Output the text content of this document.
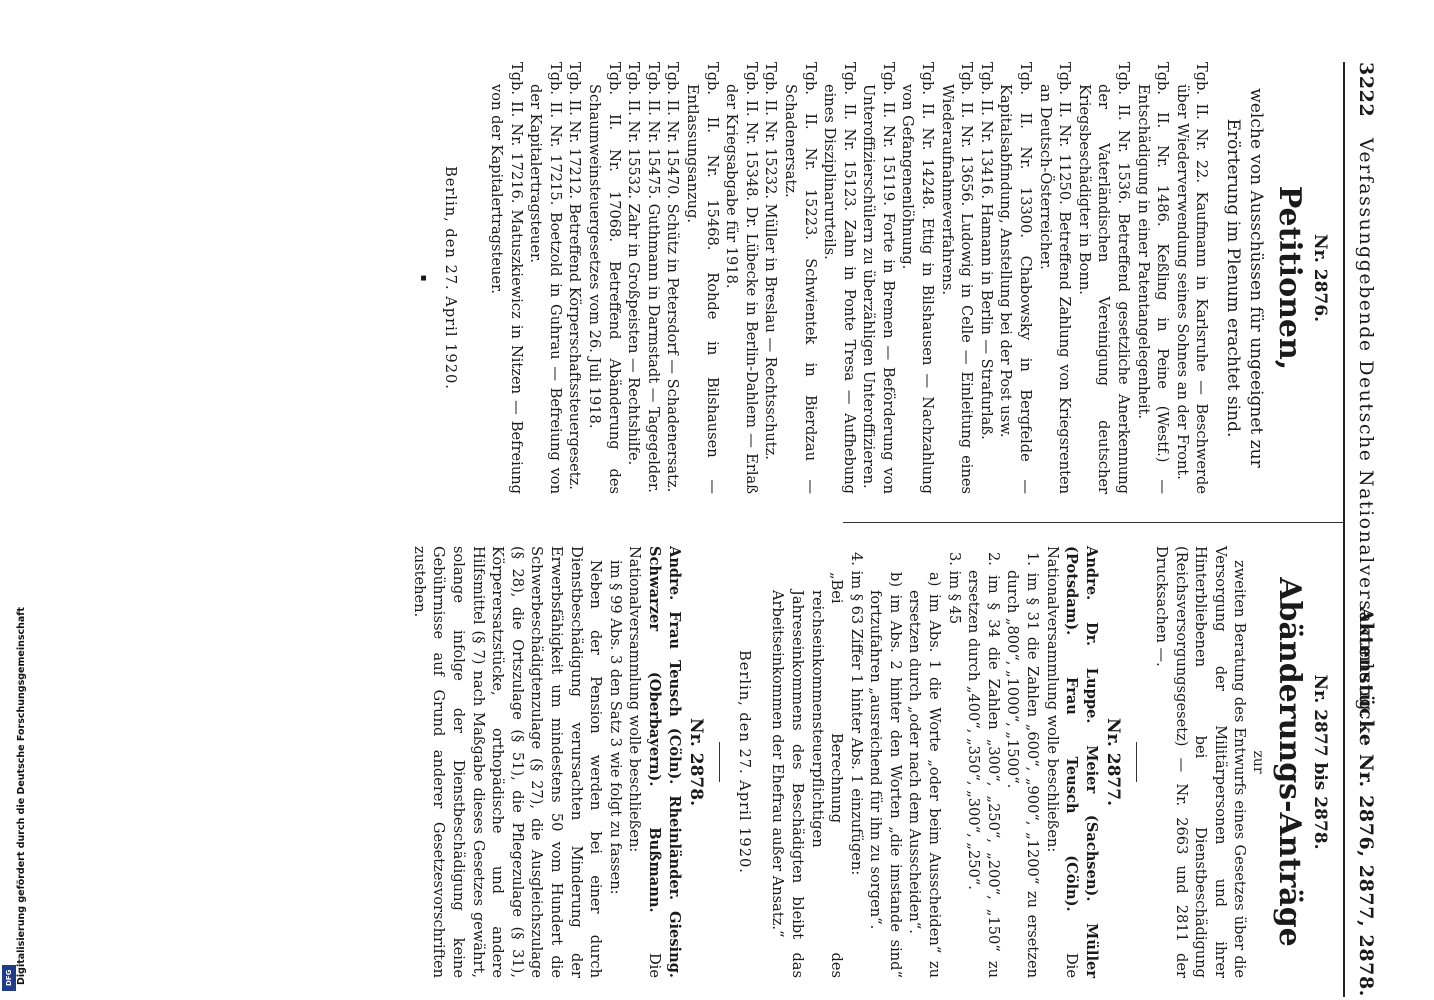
3222 Verfassunggebende Deutsche Nationalversammlung.
Aktenstücke Nr. 2876, 2877, 2878.
Nr. 2876.
Petitionen,
welche von Ausschüssen für ungeeignet zur Erörterung im Plenum erachtet sind.

Tgb. II. Nr. 22. Kaufmann in Karlsruhe — Beschwerde über Wiederverwendung seines Sohnes an der Front.

Tgb. II. Nr. 1486. Keßling in Peine (Westf.) — Entschädigung in einer Patentangelegenheit.

Tgb. II. Nr. 1536. Betreffend gesetzliche Anerkennung der Vaterländischen Vereinigung deutscher Kriegsbeschädigter in Bonn.

Tgb. II. Nr. 11250. Betreffend Zahlung von Kriegsrenten an Deutsch-Österreicher.

Tgb. II. Nr. 13300. Chabowsky in Bergfelde — Kapitalsabfindung, Anstellung bei der Post usw.

Tgb. II. Nr. 13416. Hamann in Berlin — Strafurlaß.

Tgb. II. Nr. 13656. Ludowig in Celle — Einleitung eines Wiederaufnahmeverfahrens.

Tgb. II. Nr. 14248. Ettig in Bilshausen — Nachzahlung von Gefangenenlöhnung.

Tgb. II. Nr. 15119. Forte in Bremen — Beförderung von Unteroffizierschülern zu überzähligen Unteroffizieren.

Tgb. II. Nr. 15123. Zahn in Ponte Tresa — Aufhebung eines Disziplinarurteils.

Tgb. II. Nr. 15223. Schwientek in Bierdzau — Schadenersatz.

Tgb. II. Nr. 15232. Müller in Breslau — Rechtsschutz.

Tgb. II. Nr. 15348. Dr. Lübecke in Berlin-Dahlem — Erlaß der Kriegsabgabe für 1918.

Tgb. II. Nr. 15468. Rohde in Bilshausen — Entlassungsanzug.

Tgb. II. Nr. 15470. Schütz in Petersdorf — Schadenersatz.

Tgb. II. Nr. 15475. Guthmann in Darmstadt — Tagegelder.

Tgb. II. Nr. 15532. Zahr in Großpeisten — Rechtshilfe.

Tgb. II. Nr. 17068. Betreffend Abänderung des Schaumweinsteuergesetzes vom 26. Juli 1918.

Tgb. II. Nr. 17212. Betreffend Körperschaftssteuergesetz.

Tgb. II. Nr. 17215. Boetzold in Guhrau — Befreiung von der Kapitalertragsteuer.

Tgb. II. Nr. 17216. Matuszkiewicz in Nitzen — Befreiung von der Kapitalertragsteuer.

Berlin, den 27. April 1920.
▪
Nr. 2877 bis 2878.
Abänderungs-Anträge
zur

zweiten Beratung des Entwurfs eines Gesetzes über die Versorgung der Militärpersonen und ihrer Hinterbliebenen bei Dienstbeschädigung (Reichsversorgungsgesetz) — Nr. 2663 und 2811 der Drucksachen —.

Nr. 2877.

Andre. Dr. Luppe. Meier (Sachsen). Müller (Potsdam). Frau Teusch (Cöln). Die Nationalversammlung wolle beschließen:

1. im § 31 die Zahlen „600“, „900“, „1200“ zu ersetzen durch „800“, „1000“, „1500“.

2. im § 34 die Zahlen „300“, „250“, „200“, „150“ zu ersetzen durch „400“, „350“, „300“, „250“.

3. im § 45

a) im Abs. 1 die Worte „oder beim Ausscheiden“ zu ersetzen durch „oder nach dem Ausscheiden“.

b) im Abs. 2 hinter den Worten „die imstande sind“ fortzufahren „ausreichend für ihn zu sorgen“.

4. im § 63 Ziffer 1 hinter Abs. 1 einzufügen:

„Bei Berechnung des reichseinkommensteuerpflichtigen Jahreseinkommens des Beschädigten bleibt das Arbeitseinkommen der Ehefrau außer Ansatz.“

Berlin, den 27. April 1920.
Nr. 2878.

Andre. Frau Teusch (Cöln). Rheinländer. Giesing. Schwarzer (Oberbayern). Bußmann. Die Nationalversammlung wolle beschließen:

im § 99 Abs. 3 den Satz 3 wie folgt zu fassen:

Neben der Pension werden bei einer durch Dienstbeschädigung verursachten Minderung der Erwerbsfähigkeit um mindestens 50 vom Hundert die Schwerbeschädigtenzulage (§ 27), die Ausgleichszulage (§ 28), die Ortszulage (§ 51), die Pflegezulage (§ 31), Körperersatzstücke, orthopädische und andere Hilfsmittel (§ 7) nach Maßgabe dieses Gesetzes gewährt, solange infolge der Dienstbeschädigung keine Gebührnisse auf Grund anderer Gesetzesvorschriften zustehen.

Digitalisierung gefördert durch die Deutsche Forschungsgemeinschaft
DFG
